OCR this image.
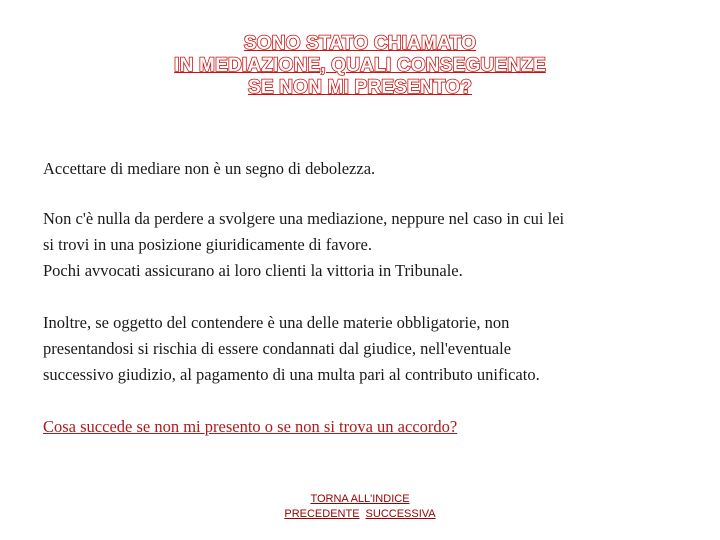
SONO STATO CHIAMATO
IN MEDIAZIONE, QUALI CONSEGUENZE
SE NON MI PRESENTO?
Accettare di mediare non è un segno di debolezza.
Non c'è nulla da perdere a svolgere una mediazione, neppure nel caso in cui lei
si trovi in una posizione giuridicamente di favore.
Pochi avvocati assicurano ai loro clienti la vittoria in Tribunale.
Inoltre, se oggetto del contendere è una delle materie obbligatorie, non
presentandosi si rischia di essere condannati dal giudice, nell'eventuale
successivo giudizio, al pagamento di una multa pari al contributo unificato.
Cosa succede se non mi presento o se non si trova un accordo?
TORNA ALL'INDICE
PRECEDENTE SUCCESSIVA
